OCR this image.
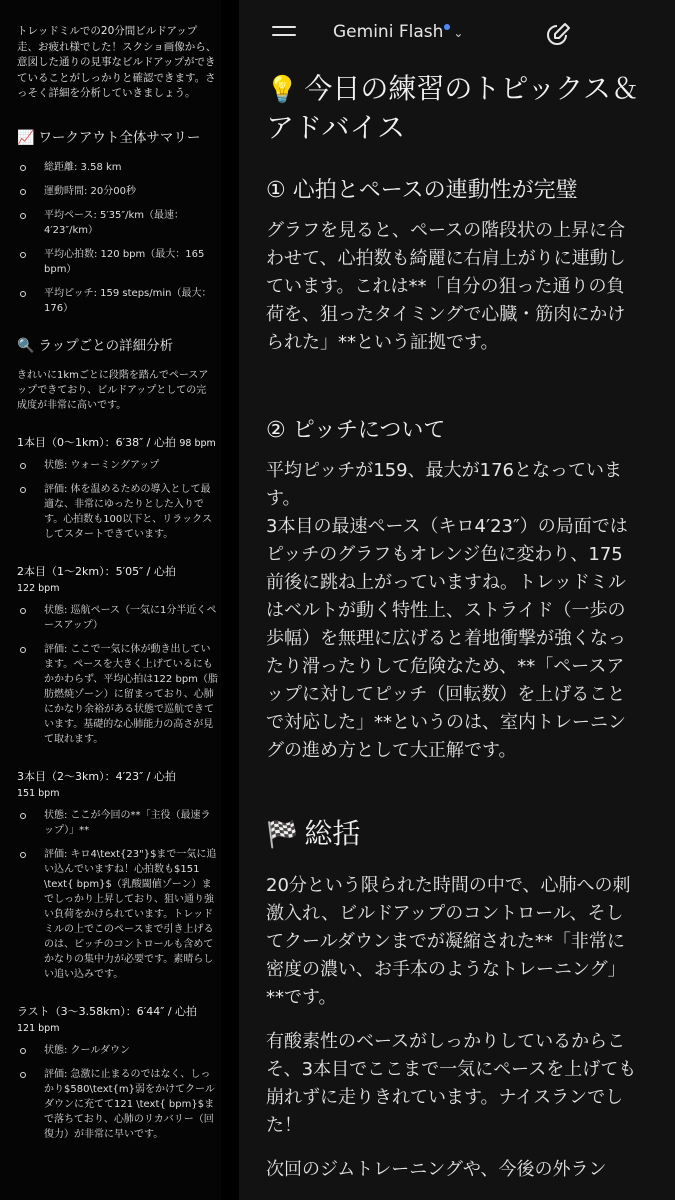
トレッドミルでの20分間ビルドアップ走、お疲れ様でした！スクショ画像から、意図した通りの見事なビルドアップができていることがしっかりと確認できます。さっそく詳細を分析していきましょう。
📈 ワークアウト全体サマリー
総距離: 3.58 km
運動時間: 20分00秒
平均ペース: 5′35″/km（最速：4′23″/km）
平均心拍数: 120 bpm（最大：165 bpm）
平均ピッチ: 159 steps/min（最大：176）
🔍 ラップごとの詳細分析

きれいに1kmごとに段階を踏んでペースアップできており、ビルドアップとしての完成度が非常に高いです。

1本目（0〜1km）：6′38″ / 心拍 98 bpm
状態: ウォーミングアップ
評価: 体を温めるための導入として最適な、非常にゆったりとした入りです。心拍数も100以下と、リラックスしてスタートできています。
2本目（1〜2km）：5′05″ / 心拍
122 bpm
状態: 巡航ペース（一気に1分半近くペースアップ）
評価: ここで一気に体が動き出しています。ペースを大きく上げているにもかかわらず、平均心拍は122 bpm（脂肪燃焼ゾーン）に留まっており、心肺にかなり余裕がある状態で巡航できています。基礎的な心肺能力の高さが見て取れます。
3本目（2〜3km）：4′23″ / 心拍
151 bpm
状態: ここが今回の**「主役（最速ラップ）」**
評価: キロ4\text{23"}$まで一気に追い込んでいますね！心拍数も$151 \text{ bpm}$（乳酸閾値ゾーン）までしっかり上昇しており、狙い通り強い負荷をかけられています。トレッドミルの上でこのペースまで引き上げるのは、ピッチのコントロールも含めてかなりの集中力が必要です。素晴らしい追い込みです。
ラスト（3〜3.58km）：6′44″ / 心拍
121 bpm
状態: クールダウン
評価: 急激に止まるのではなく、しっかり$580\text{m}弱をかけてクールダウンに充てて121 \text{ bpm}$まで落ちており、心肺のリカバリー（回復力）が非常に早いです。
Gemini Flash ⌄
💡 今日の練習のトピックス＆アドバイス
① 心拍とペースの連動性が完璧

グラフを見ると、ペースの階段状の上昇に合わせて、心拍数も綺麗に右肩上がりに連動しています。これは**「自分の狙った通りの負荷を、狙ったタイミングで心臓・筋肉にかけられた」**という証拠です。

② ピッチについて

平均ピッチが159、最大が176となっています。

3本目の最速ペース（キロ4′23″）の局面ではピッチのグラフもオレンジ色に変わり、175前後に跳ね上がっていますね。トレッドミルはベルトが動く特性上、ストライド（一歩の歩幅）を無理に広げると着地衝撃が強くなったり滑ったりして危険なため、**「ペースアップに対してピッチ（回転数）を上げることで対応した」**というのは、室内トレーニングの進め方として大正解です。

🏁 総括

20分という限られた時間の中で、心肺への刺激入れ、ビルドアップのコントロール、そしてクールダウンまでが凝縮された**「非常に密度の濃い、お手本のようなトレーニング」**です。

有酸素性のベースがしっかりしているからこそ、3本目でここまで一気にペースを上げても崩れずに走りきれています。ナイスランでした！

次回のジムトレーニングや、今後の外ラン
